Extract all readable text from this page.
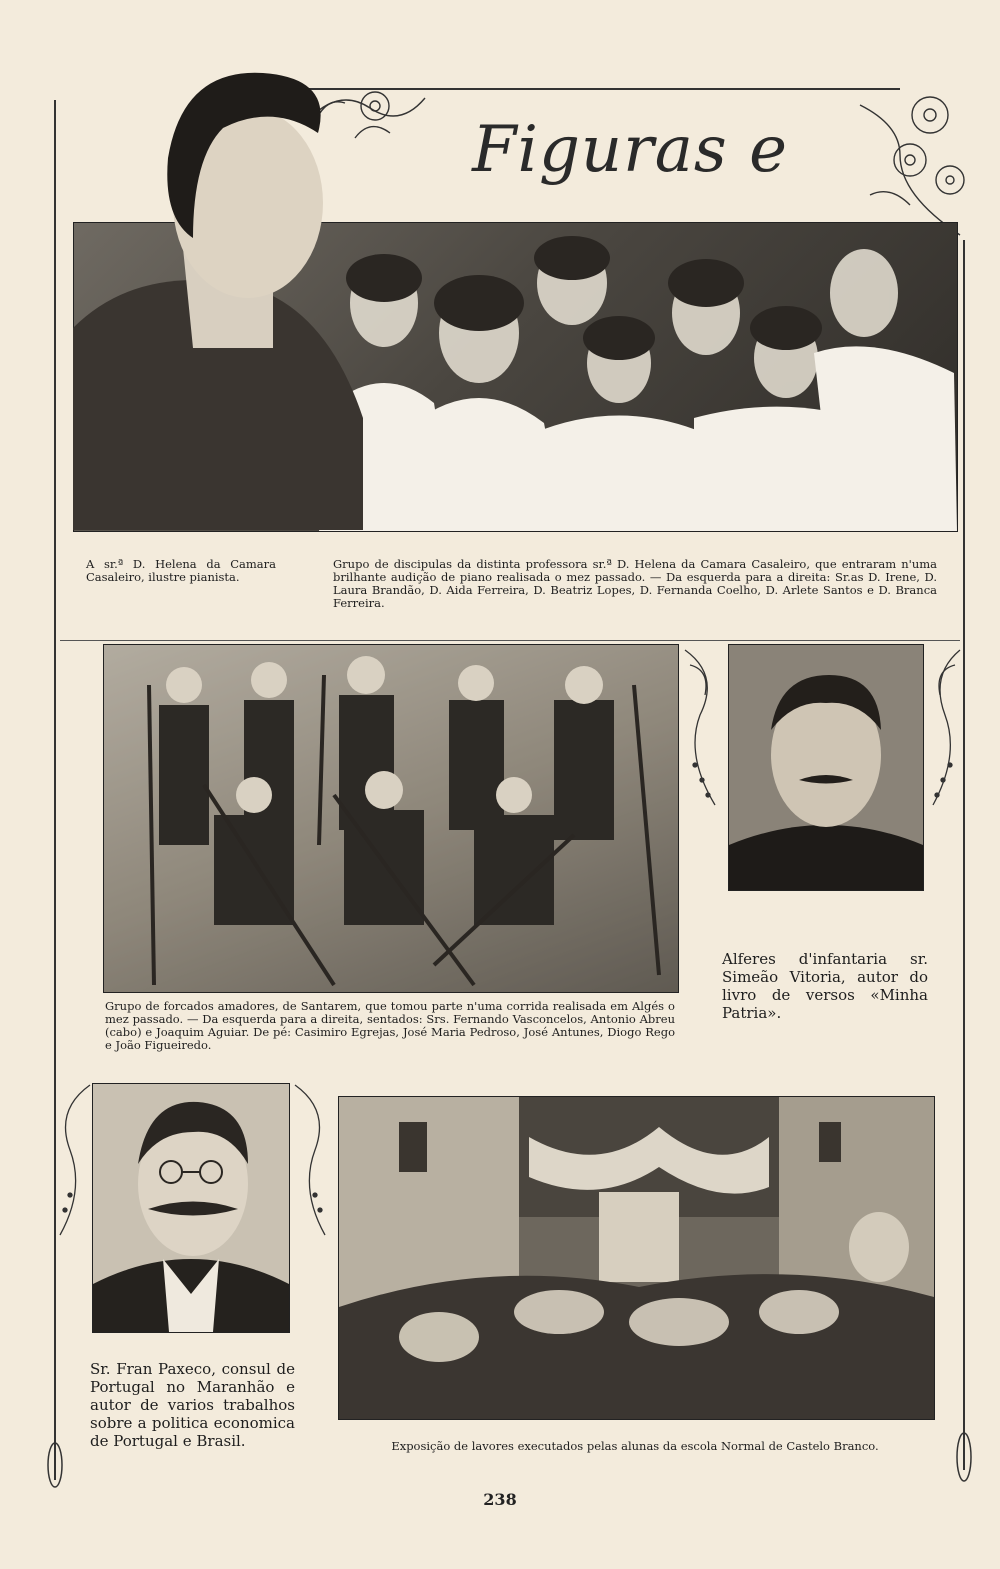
Figuras e
A sr.ª D. Helena da Camara Casaleiro, ilustre pianista.
Grupo de discipulas da distinta professora sr.ª D. Helena da Camara Casaleiro, que entraram n'uma brilhante audição de piano realisada o mez passado. — Da esquerda para a direita: Sr.as D. Irene, D. Laura Brandão, D. Aida Ferreira, D. Beatriz Lopes, D. Fernanda Coelho, D. Arlete Santos e D. Branca Ferreira.
Grupo de forcados amadores, de Santarem, que tomou parte n'uma corrida realisada em Algés o mez passado. — Da esquerda para a direita, sentados: Srs. Fernando Vasconcelos, Antonio Abreu (cabo) e Joaquim Aguiar. De pé: Casimiro Egrejas, José Maria Pedroso, José Antunes, Diogo Rego e João Figueiredo.
Alferes d'infantaria sr. Simeão Vitoria, autor do livro de versos «Minha Patria».
Sr. Fran Paxeco, consul de Portugal no Maranhão e autor de varios trabalhos sobre a politica economica de Portugal e Brasil.	Exposição de lavores executados pelas alunas da escola Normal de Castelo Branco.
238
